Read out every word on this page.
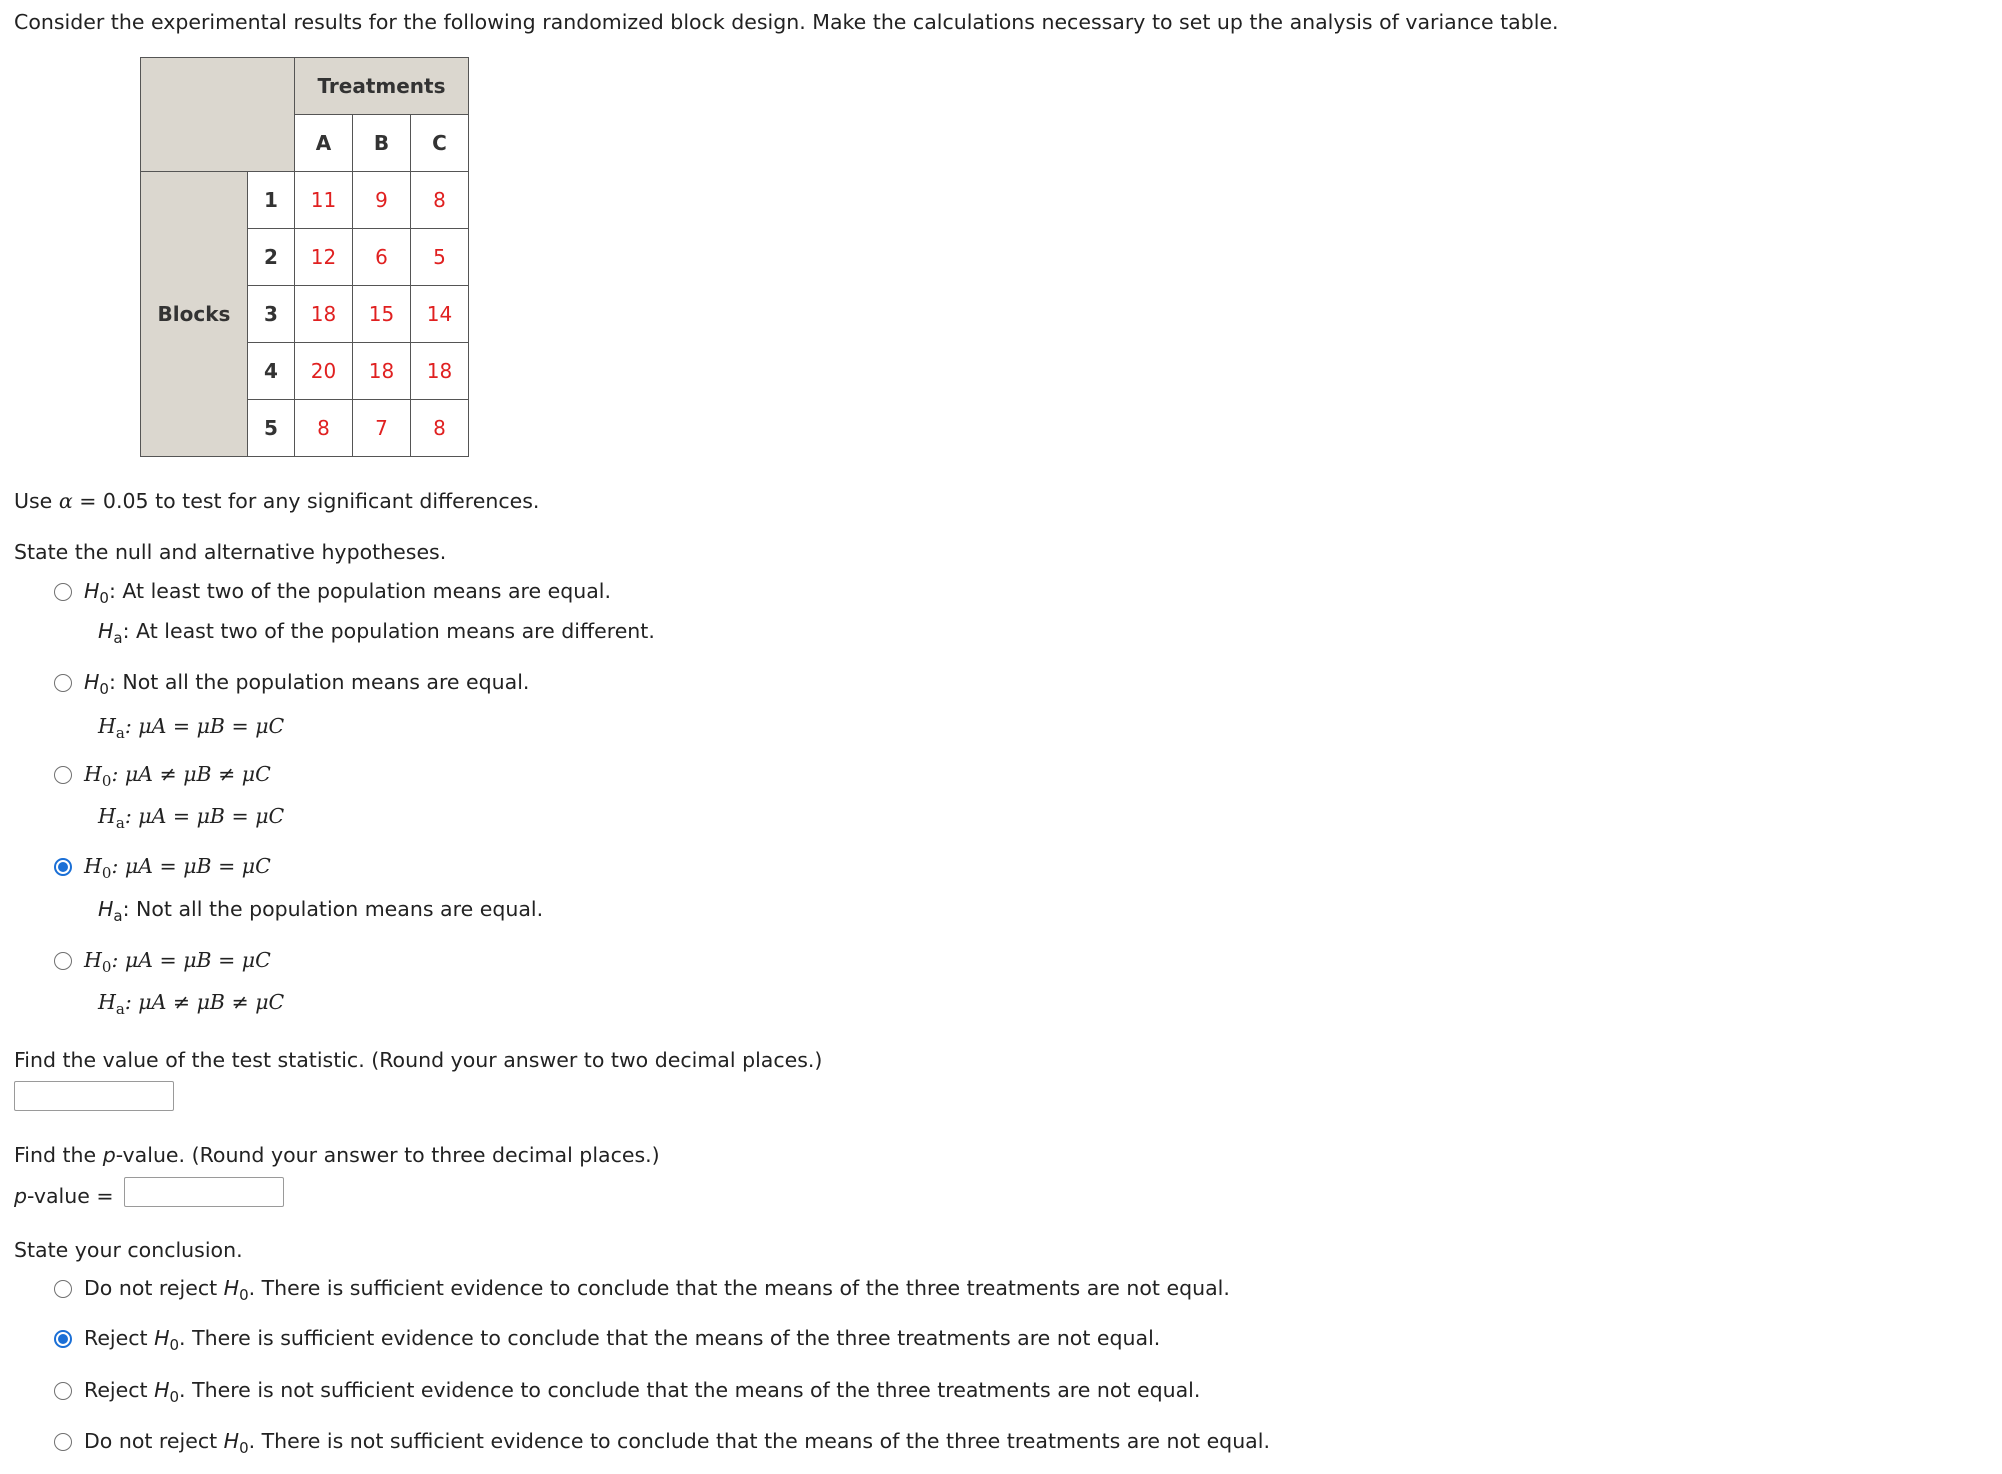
Consider the experimental results for the following randomized block design. Make the calculations necessary to set up the analysis of variance table.
		Treatments		
		A	B	C
Blocks	1	11	9	8
	2	12	6	5
	3	18	15	14
	4	20	18	18
	5	8	7	8
Use α = 0.05 to test for any significant differences.
State the null and alternative hypotheses.
$H_0$: At least two of the population means are equal.
$H_a$: At least two of the population means are different.
$H_0$: Not all the population means are equal.
$H_a$: μA = μB = μC
$H_0$: μA ≠ μB ≠ μC
$H_a$: μA = μB = μC
$H_0$: μA = μB = μC
$H_a$: Not all the population means are equal.
$H_0$: μA = μB = μC
$H_a$: μA ≠ μB ≠ μC
Find the value of the test statistic. (Round your answer to two decimal places.)
Find the p-value. (Round your answer to three decimal places.)
p-value =
State your conclusion.
Do not reject $H_0$. There is sufficient evidence to conclude that the means of the three treatments are not equal.
Reject $H_0$. There is sufficient evidence to conclude that the means of the three treatments are not equal.
Reject $H_0$. There is not sufficient evidence to conclude that the means of the three treatments are not equal.
Do not reject $H_0$. There is not sufficient evidence to conclude that the means of the three treatments are not equal.
